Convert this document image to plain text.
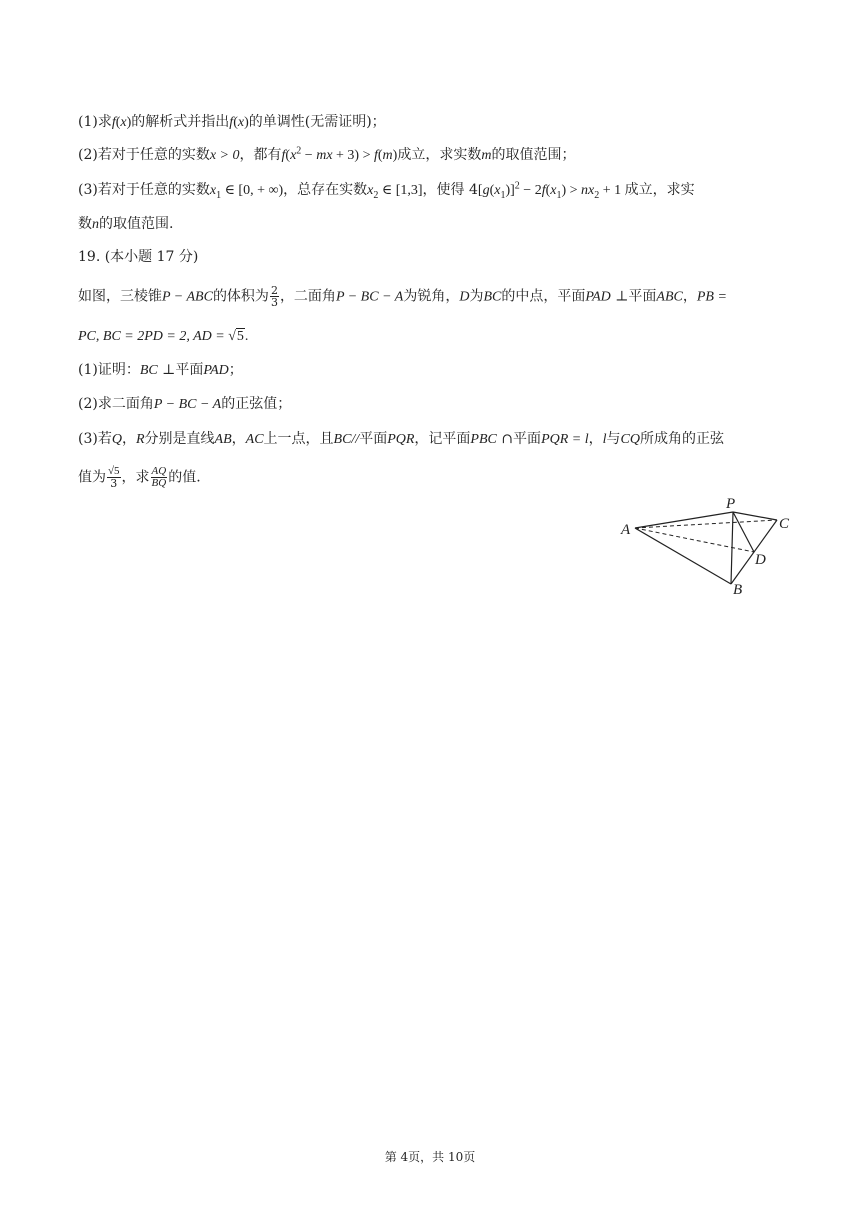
(1)求f(x)的解析式并指出f(x)的单调性(无需证明)；
(2)若对于任意的实数x > 0，都有$f(x^2$ − mx + 3) > f(m)成立，求实数m的取值范围；
(3)若对于任意的实数$x_1$ ∈ [0, + ∞)，总存在实数$x_2$ ∈ [1,3]，使得 $4[g(x_1)]^2 - 2f(x_1) > nx_2 + 1$ 成立，求实
数n的取值范围.
19. (本小题 17 分)
如图，三棱锥P − ABC的体积为 $\frac{2}{3}$ ，二面角P − BC − A为锐角，D为BC的中点，平面PAD ⊥平面ABC，PB =
PC, BC = 2PD = 2, AD = √5.
(1)证明：BC ⊥平面PAD；
(2)求二面角P − BC − A的正弦值；
(3)若Q，R分别是直线AB，AC上一点，且BC//平面PQR，记平面PBC ∩平面PQR = l，l与CQ所成角的正弦
值为 $\frac{√5}{3}$ ，求 $\frac{AQ}{BQ}$ 的值.
P
A	C
D
B
第 4页，共 10页
